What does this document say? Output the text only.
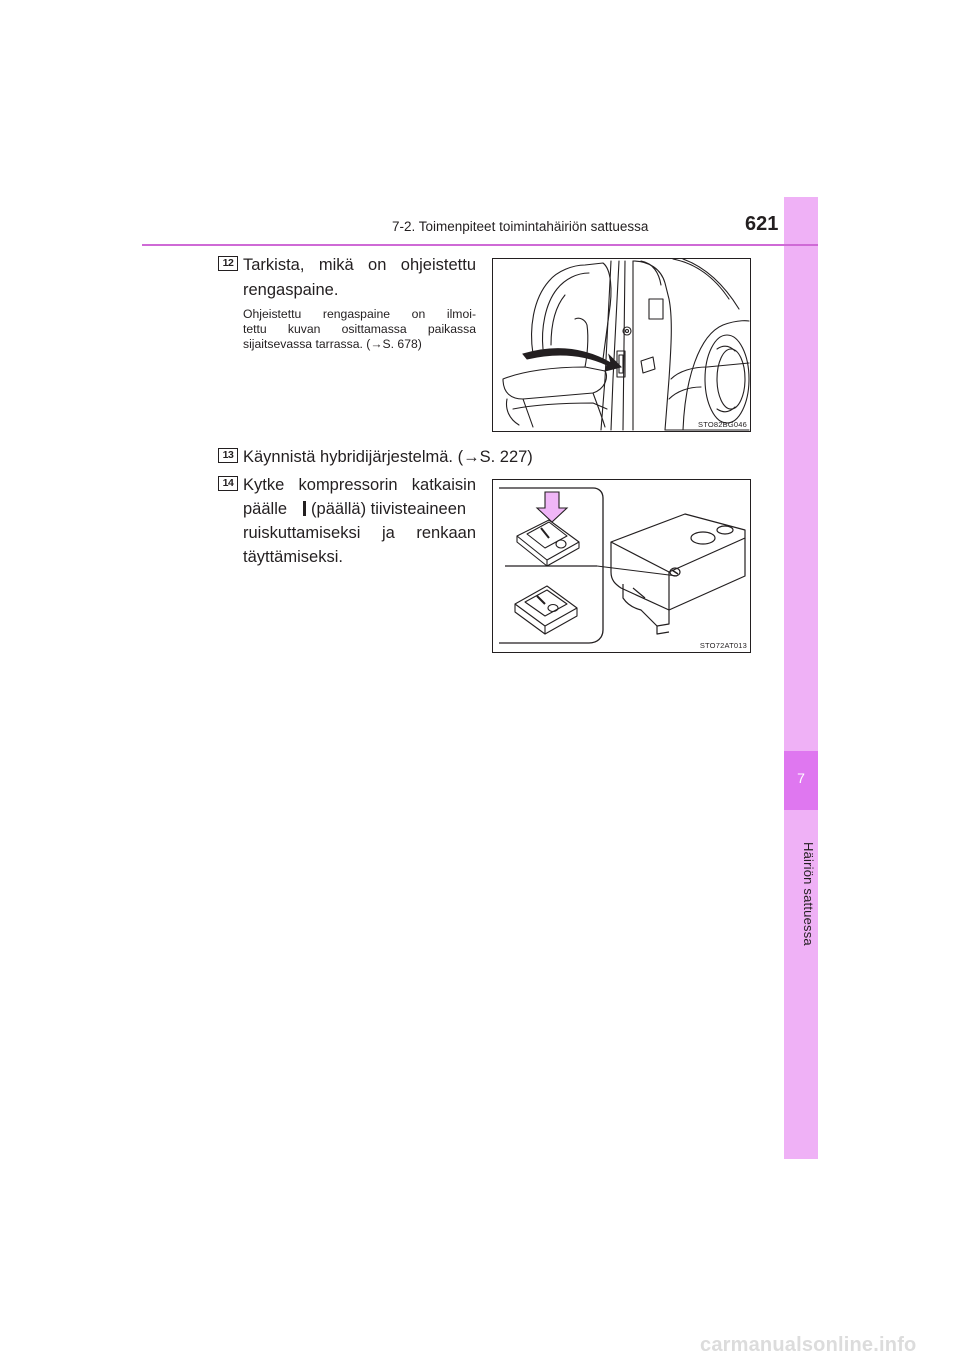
7
Häiriön sattuessa
7-2. Toimenpiteet toimintahäiriön sattuessa	621
12 Tarkista, mikä on ohjeistettu
rengaspaine.
Ohjeistettu rengaspaine on ilmoi-
tettu kuvan osittamassa paikassa
sijaitsevassa tarrassa. (→S. 678)
STO82BG046
13 Käynnistä hybridijärjestelmä. (→S. 227)
14 Kytke kompressorin katkaisin
päälle (päällä) tiivisteaineen
ruiskuttamiseksi ja renkaan
täyttämiseksi.
STO72AT013
carmanualsonline.info
